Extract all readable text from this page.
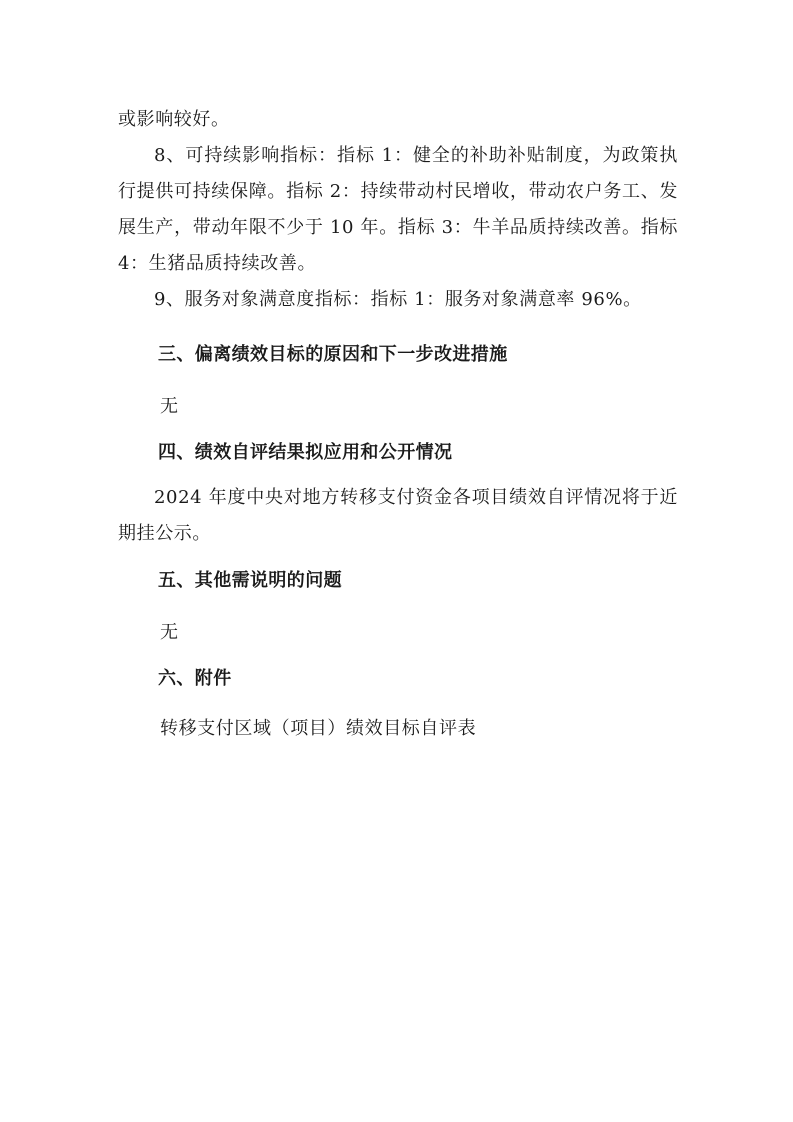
或影响较好。

8、可持续影响指标：指标 1：健全的补助补贴制度，为政策执行提供可持续保障。指标 2：持续带动村民增收，带动农户务工、发展生产，带动年限不少于 10 年。指标 3：牛羊品质持续改善。指标 4：生猪品质持续改善。

9、服务对象满意度指标：指标 1：服务对象满意率 96%。

三、偏离绩效目标的原因和下一步改进措施

无

四、绩效自评结果拟应用和公开情况

2024 年度中央对地方转移支付资金各项目绩效自评情况将于近期挂公示。

五、其他需说明的问题

无

六、附件

转移支付区域（项目）绩效目标自评表
